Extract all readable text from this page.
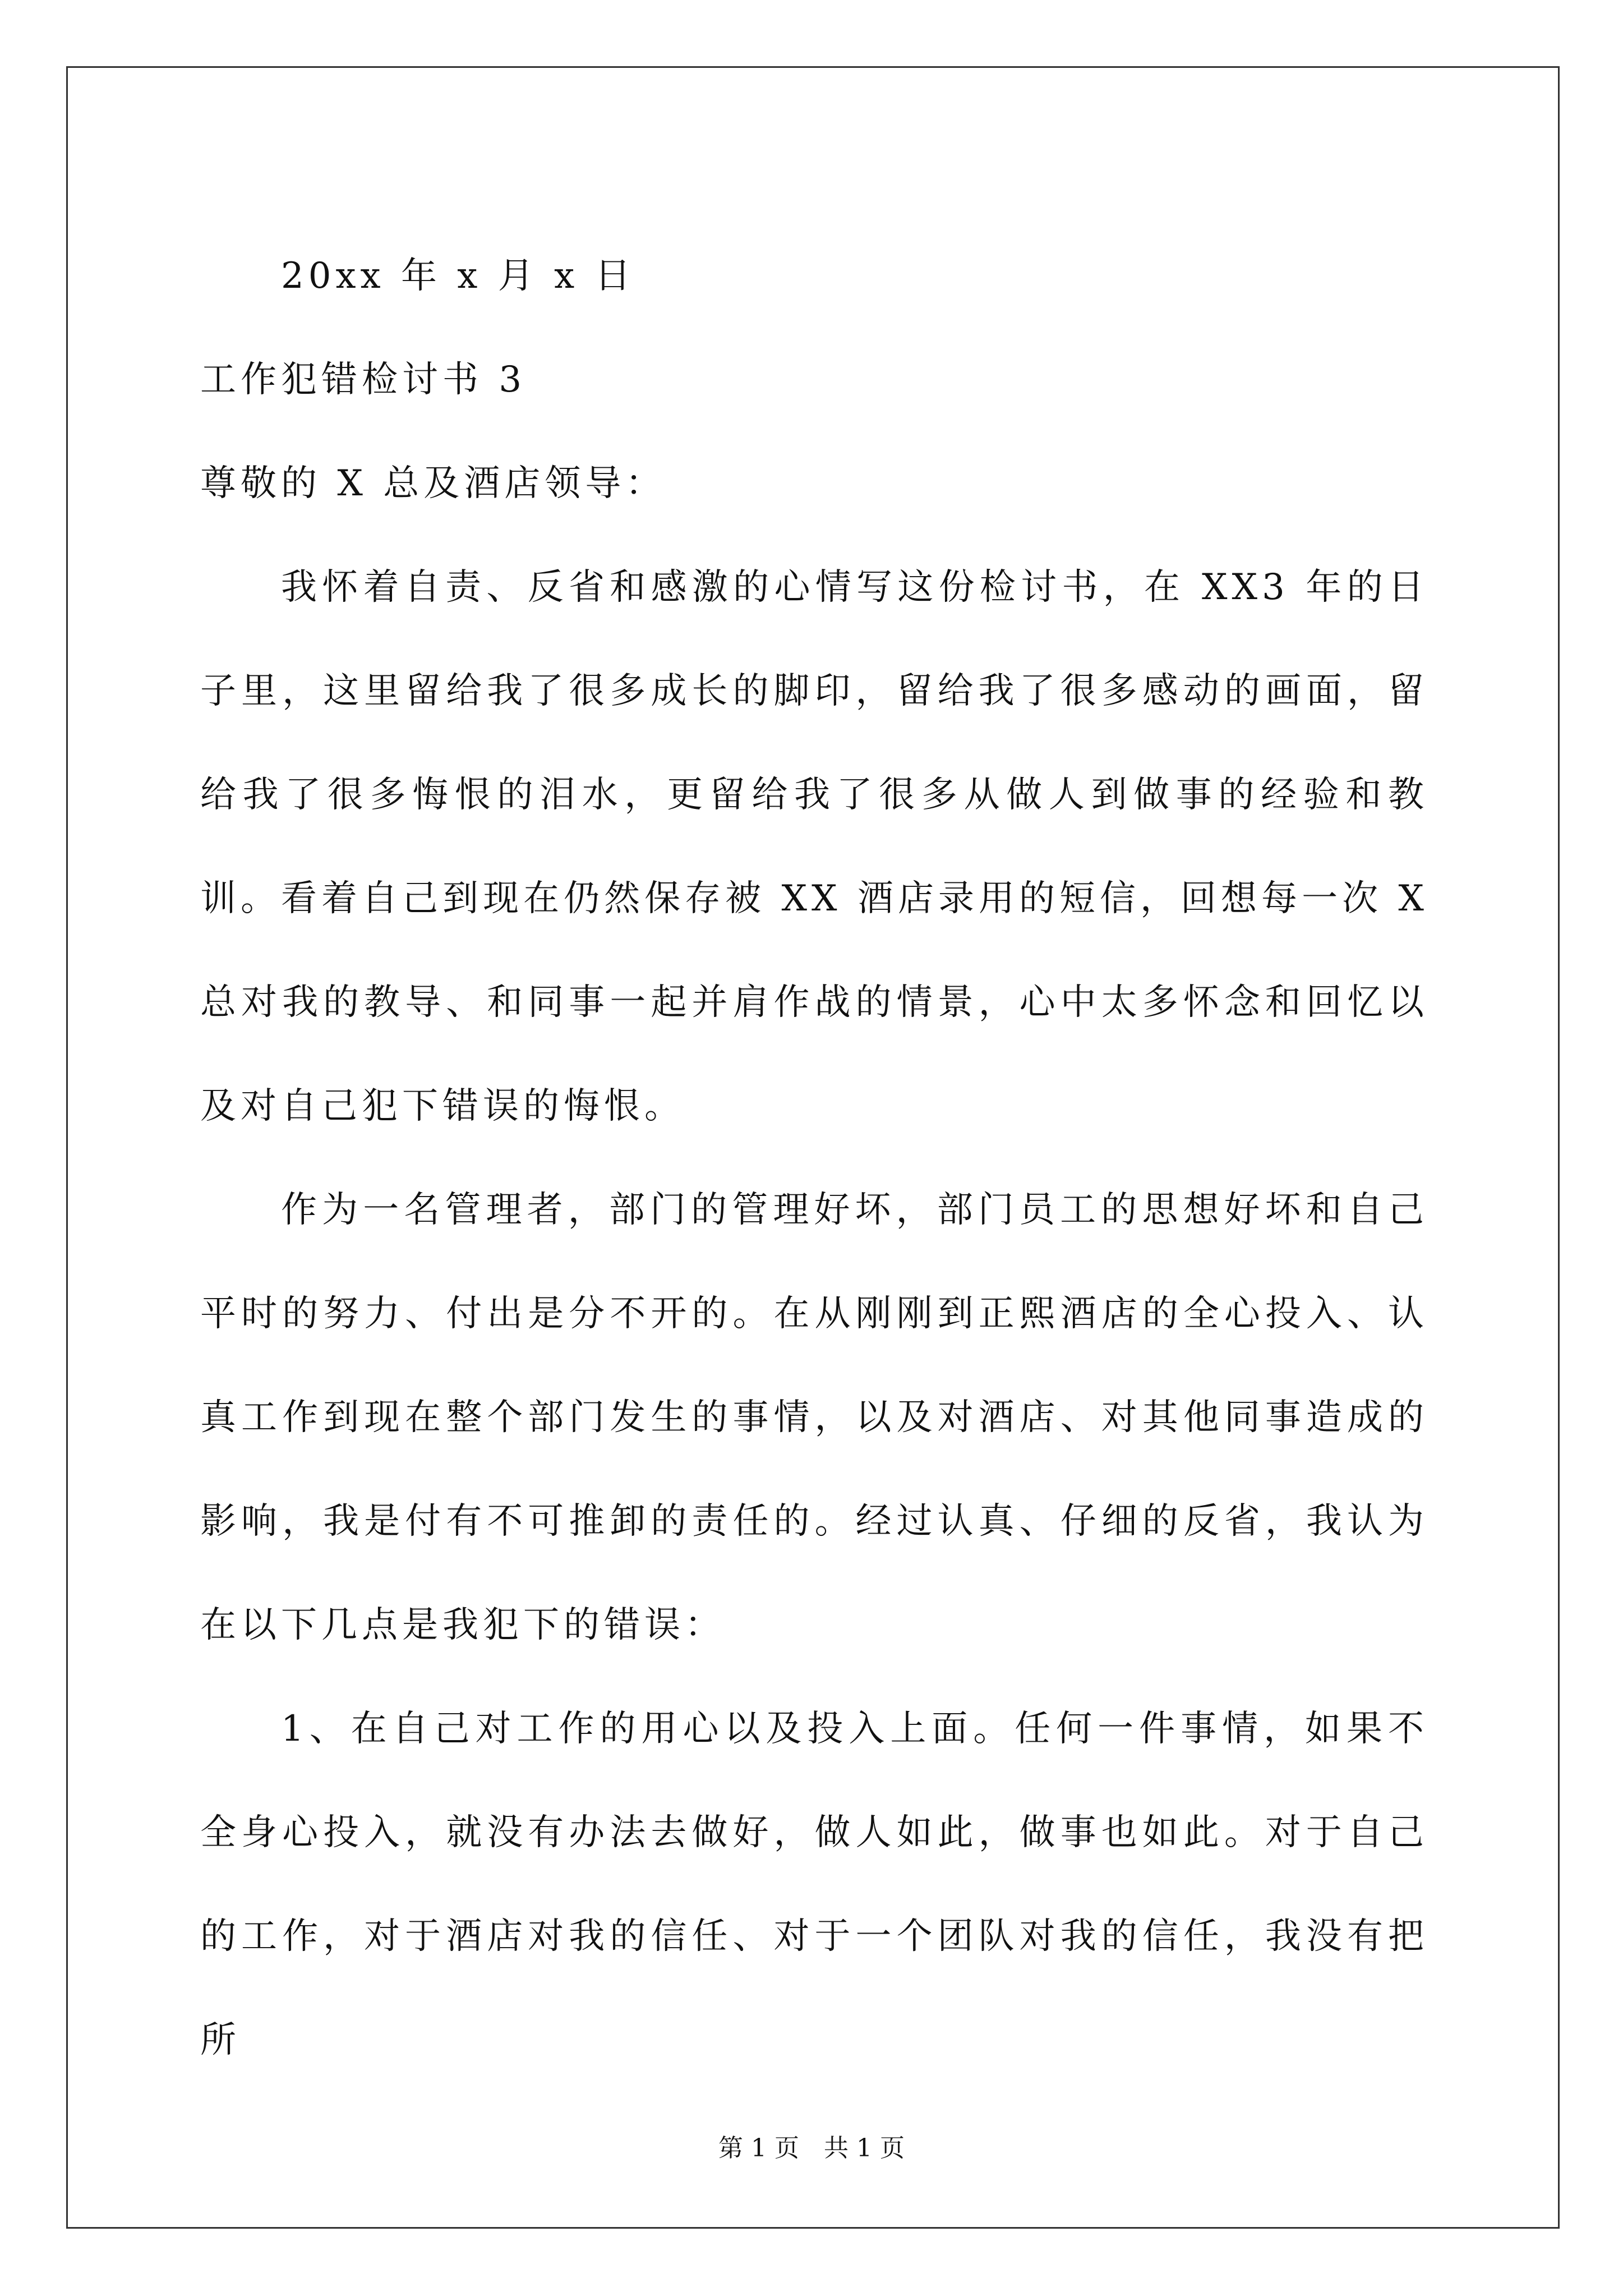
20xx 年 x 月 x 日
工作犯错检讨书 3
尊敬的 X 总及酒店领导：

我怀着自责、反省和感激的心情写这份检讨书，在 XX3 年的日子里，这里留给我了很多成长的脚印，留给我了很多感动的画面，留给我了很多悔恨的泪水，更留给我了很多从做人到做事的经验和教训。看着自己到现在仍然保存被 XX 酒店录用的短信，回想每一次 X 总对我的教导、和同事一起并肩作战的情景，心中太多怀念和回忆以及对自己犯下错误的悔恨。

作为一名管理者，部门的管理好坏，部门员工的思想好坏和自己平时的努力、付出是分不开的。在从刚刚到正熙酒店的全心投入、认真工作到现在整个部门发生的事情，以及对酒店、对其他同事造成的影响，我是付有不可推卸的责任的。经过认真、仔细的反省，我认为在以下几点是我犯下的错误：

1、在自己对工作的用心以及投入上面。任何一件事情，如果不全身心投入，就没有办法去做好，做人如此，做事也如此。对于自己的工作，对于酒店对我的信任、对于一个团队对我的信任，我没有把所

第 1 页　共 1 页
